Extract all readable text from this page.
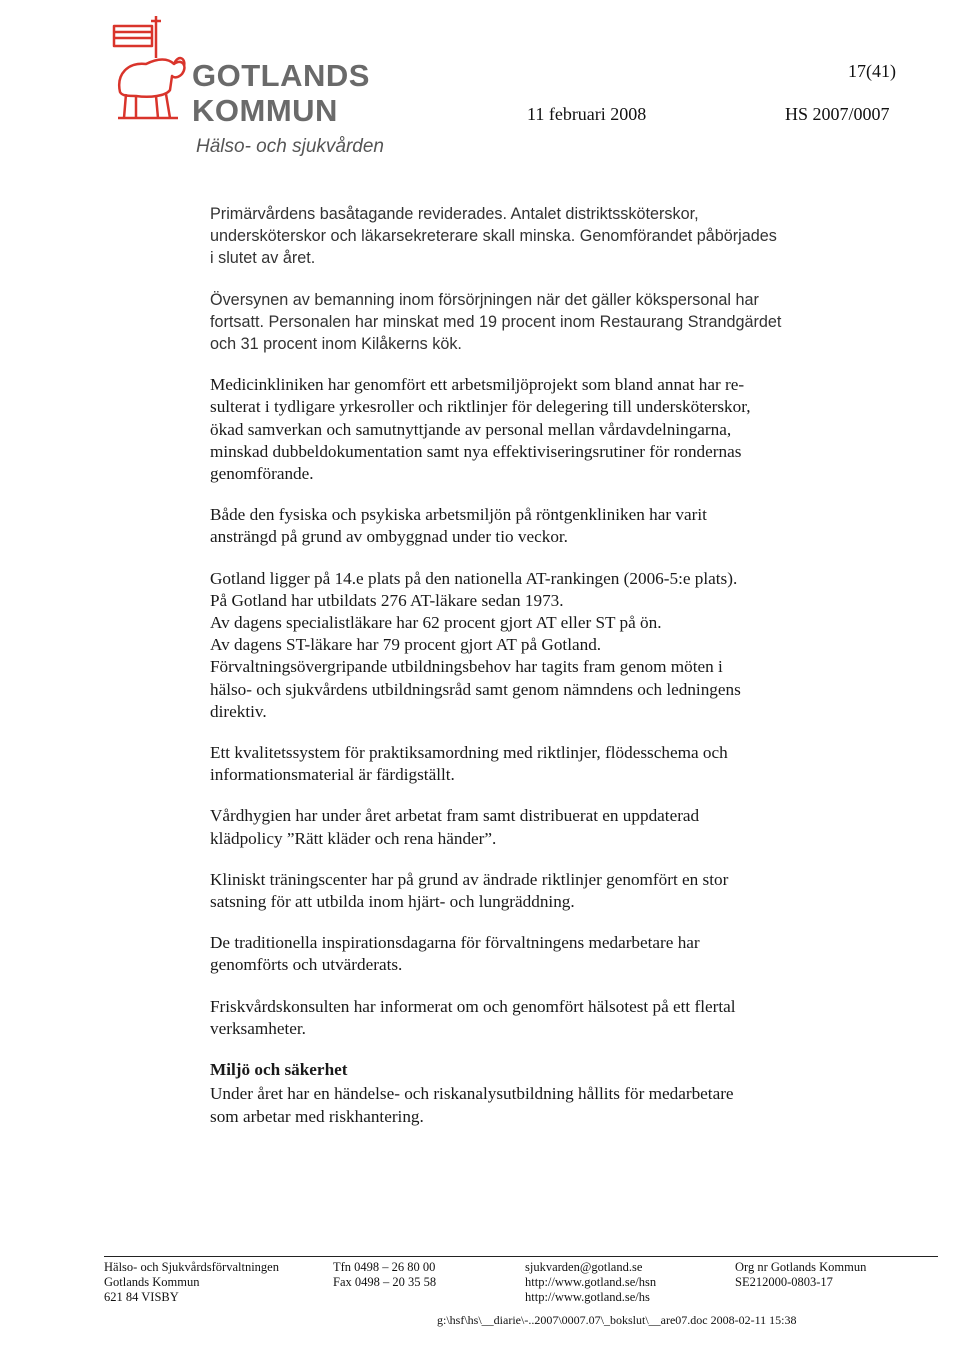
GOTLANDS
KOMMUN
Hälso- och sjukvården
17(41)
11 februari 2008	HS 2007/0007

Primärvårdens basåtagande reviderades. Antalet distriktssköterskor,
undersköterskor och läkarsekreterare skall minska. Genomförandet påbörjades
i slutet av året.

Översynen av bemanning inom försörjningen när det gäller kökspersonal har
fortsatt. Personalen har minskat med 19 procent inom Restaurang Strandgärdet
och 31 procent inom Kilåkerns kök.

Medicinkliniken har genomfört ett arbetsmiljöprojekt som bland annat har re-
sulterat i tydligare yrkesroller och riktlinjer för delegering till undersköterskor,
ökad samverkan och samutnyttjande av personal mellan vårdavdelningarna,
minskad dubbeldokumentation samt nya effektiviseringsrutiner för rondernas
genomförande.

Både den fysiska och psykiska arbetsmiljön på röntgenkliniken har varit
ansträngd på grund av ombyggnad under tio veckor.

Gotland ligger på 14.e plats på den nationella AT-rankingen (2006-5:e plats).
På Gotland har utbildats 276 AT-läkare sedan 1973.
Av dagens specialistläkare har 62 procent gjort AT eller ST på ön.
Av dagens ST-läkare har 79 procent gjort AT på Gotland.
Förvaltningsövergripande utbildningsbehov har tagits fram genom möten i
hälso- och sjukvårdens utbildningsråd samt genom nämndens och ledningens
direktiv.

Ett kvalitetssystem för praktiksamordning med riktlinjer, flödesschema och
informationsmaterial är färdigställt.

Vårdhygien har under året arbetat fram samt distribuerat en uppdaterad
klädpolicy ”Rätt kläder och rena händer”.

Kliniskt träningscenter har på grund av ändrade riktlinjer genomfört en stor
satsning för att utbilda inom hjärt- och lungräddning.

De traditionella inspirationsdagarna för förvaltningens medarbetare har
genomförts och utvärderats.

Friskvårdskonsulten har informerat om och genomfört hälsotest på ett flertal
verksamheter.

Miljö och säkerhet

Under året har en händelse- och riskanalysutbildning hållits för medarbetare
som arbetar med riskhantering.

Hälso- och Sjukvårdsförvaltningen
Gotlands Kommun
621 84 VISBY
Tfn 0498 – 26 80 00
Fax 0498 – 20 35 58
sjukvarden@gotland.se
http://www.gotland.se/hsn
http://www.gotland.se/hs
Org nr Gotlands Kommun
SE212000-0803-17
g:\hsf\hs\__diarie\-..2007\0007.07\_bokslut\__are07.doc 2008-02-11 15:38
